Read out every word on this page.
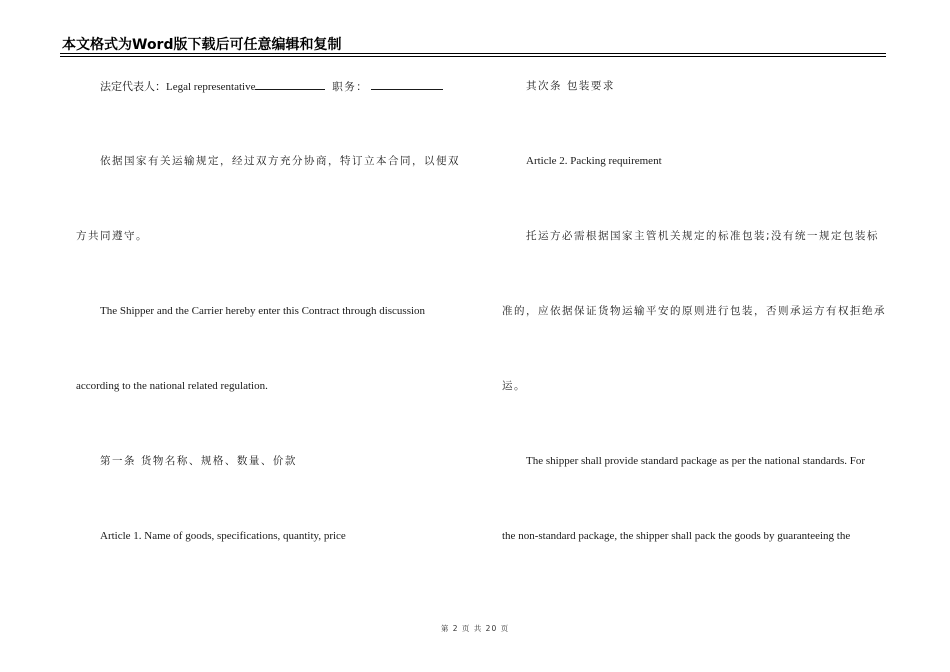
本文格式为Word版下载后可任意编辑和复制
法定代表人：Legal representative	职务：
依据国家有关运输规定，经过双方充分协商，特订立本合同，以便双
方共同遵守。
The Shipper and the Carrier hereby enter this Contract through discussion
according to the national related regulation.
第一条 货物名称、规格、数量、价款
Article 1. Name of goods, specifications, quantity, price
其次条 包装要求
Article 2. Packing requirement
托运方必需根据国家主管机关规定的标准包装;没有统一规定包装标
准的，应依据保证货物运输平安的原则进行包装，否则承运方有权拒绝承
运。
The shipper shall provide standard package as per the national standards. For
the non-standard package, the shipper shall pack the goods by guaranteeing the
第 2 页 共 20 页
